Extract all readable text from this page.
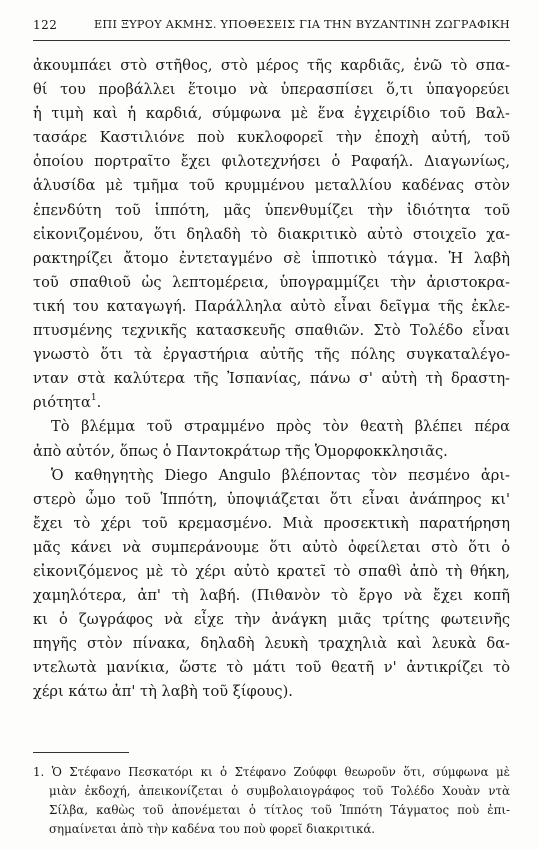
122	ΕΠΙ ΞΥΡΟΥ ΑΚΜΗΣ. ΥΠΟΘΕΣΕΙΣ ΓΙΑ ΤΗΝ ΒΥΖΑΝΤΙΝΗ ΖΩΓΡΑΦΙΚΗ
ἀκουμπάει στὸ στῆθος, στὸ μέρος τῆς καρδιᾶς, ἐνῶ τὸ σπα-
θί του προβάλλει ἕτοιμο νὰ ὑπερασπίσει ὅ,τι ὑπαγορεύει
ἡ τιμὴ καὶ ἡ καρδιά, σύμφωνα μὲ ἕνα ἐγχειρίδιο τοῦ Βαλ-
τασάρε Καστιλιόνε ποὺ κυκλοφορεῖ τὴν ἐποχὴ αὐτή, τοῦ
ὁποίου πορτραῖτο ἔχει φιλοτεχνήσει ὁ Ραφαήλ. Διαγωνίως,
ἁλυσίδα μὲ τμῆμα τοῦ κρυμμένου μεταλλίου καδένας στὸν
ἐπενδύτη τοῦ ἱππότη, μᾶς ὑπενθυμίζει τὴν ἰδιότητα τοῦ
εἰκονιζομένου, ὅτι δηλαδὴ τὸ διακριτικὸ αὐτὸ στοιχεῖο χα-
ρακτηρίζει ἄτομο ἐντεταγμένο σὲ ἱπποτικὸ τάγμα. Ἡ λαβὴ
τοῦ σπαθιοῦ ὡς λεπτομέρεια, ὑπογραμμίζει τὴν ἀριστοκρα-
τική του καταγωγή. Παράλληλα αὐτὸ εἶναι δεῖγμα τῆς ἐκλε-
πτυσμένης τεχνικῆς κατασκευῆς σπαθιῶν. Στὸ Τολέδο εἶναι
γνωστὸ ὅτι τὰ ἐργαστήρια αὐτῆς τῆς πόλης συγκαταλέγο-
νταν στὰ καλύτερα τῆς Ἰσπανίας, πάνω σ' αὐτὴ τὴ δραστη-
ριότητα$^1$.
Τὸ βλέμμα τοῦ στραμμένο πρὸς τὸν θεατὴ βλέπει πέρα
ἀπὸ αὐτόν, ὅπως ὁ Παντοκράτωρ τῆς Ὁμορφοκκλησιᾶς.
Ὁ καθηγητὴς Diego Angulo βλέποντας τὸν πεσμένο ἀρι-
στερὸ ὦμο τοῦ Ἱππότη, ὑποψιάζεται ὅτι εἶναι ἀνάπηρος κι'
ἔχει τὸ χέρι τοῦ κρεμασμένο. Μιὰ προσεκτικὴ παρατήρηση
μᾶς κάνει νὰ συμπεράνουμε ὅτι αὐτὸ ὀφείλεται στὸ ὅτι ὁ
εἰκονιζόμενος μὲ τὸ χέρι αὐτὸ κρατεῖ τὸ σπαθὶ ἀπὸ τὴ θήκη,
χαμηλότερα, ἀπ' τὴ λαβή. (Πιθανὸν τὸ ἔργο νὰ ἔχει κοπῆ
κι ὁ ζωγράφος νὰ εἶχε τὴν ἀνάγκη μιᾶς τρίτης φωτεινῆς
πηγῆς στὸν πίνακα, δηλαδὴ λευκὴ τραχηλιὰ καὶ λευκὰ δα-
ντελωτὰ μανίκια, ὥστε τὸ μάτι τοῦ θεατῆ ν' ἀντικρίζει τὸ
χέρι κάτω ἀπ' τὴ λαβὴ τοῦ ξίφους).
1. Ὁ Στέφανο Πεσκατόρι κι ὁ Στέφανο Ζούφφι θεωροῦν ὅτι, σύμφωνα μὲ
μιὰν ἐκδοχή, ἀπεικονίζεται ὁ συμβολαιογράφος τοῦ Τολέδο Χουὰν ντὰ
Σίλβα, καθὼς τοῦ ἀπονέμεται ὁ τίτλος τοῦ Ἱππότη Τάγματος ποὺ ἐπι-
σημαίνεται ἀπὸ τὴν καδένα του ποὺ φορεῖ διακριτικά.
